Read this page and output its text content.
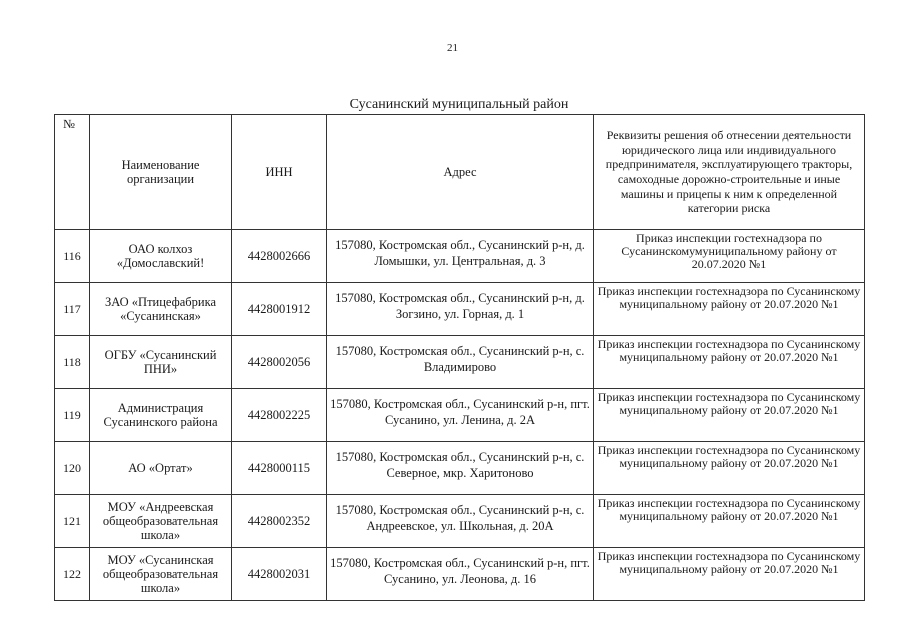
21
Сусанинский муниципальный район
№	Наименование организации	ИНН	Адрес	Реквизиты решения об отнесении деятельности юридического лица или индивидуального предпринимателя, эксплуатирующего тракторы, самоходные дорожно-строительные и иные машины и прицепы к ним к определенной категории риска
116	ОАО колхоз «Домославский!	4428002666	157080, Костромская обл., Сусанинский р-н, д. Ломышки, ул. Центральная, д. 3	Приказ инспекции гостехнадзора по Сусанинскомумуниципальному району от 20.07.2020 №1
117	ЗАО «Птицефабрика «Сусанинская»	4428001912	157080, Костромская обл., Сусанинский р-н, д. Зогзино, ул. Горная, д. 1	Приказ инспекции гостехнадзора по Сусанинскому муниципальному району от 20.07.2020 №1
118	ОГБУ «Сусанинский ПНИ»	4428002056	157080, Костромская обл., Сусанинский р-н, с. Владимирово	Приказ инспекции гостехнадзора по Сусанинскому муниципальному району от 20.07.2020 №1
119	Администрация Сусанинского района	4428002225	157080, Костромская обл., Сусанинский р-н, пгт. Сусанино, ул. Ленина, д. 2А	Приказ инспекции гостехнадзора по Сусанинскому муниципальному району от 20.07.2020 №1
120	АО «Ортат»	4428000115	157080, Костромская обл., Сусанинский р-н, с. Северное, мкр. Харитоново	Приказ инспекции гостехнадзора по Сусанинскому муниципальному району от 20.07.2020 №1
121	МОУ «Андреевская общеобразовательная школа»	4428002352	157080, Костромская обл., Сусанинский р-н, с. Андреевское, ул. Школьная, д. 20А	Приказ инспекции гостехнадзора по Сусанинскому муниципальному району от 20.07.2020 №1
122	МОУ «Сусанинская общеобразовательная школа»	4428002031	157080, Костромская обл., Сусанинский р-н, пгт. Сусанино, ул. Леонова, д. 16	Приказ инспекции гостехнадзора по Сусанинскому муниципальному району от 20.07.2020 №1
